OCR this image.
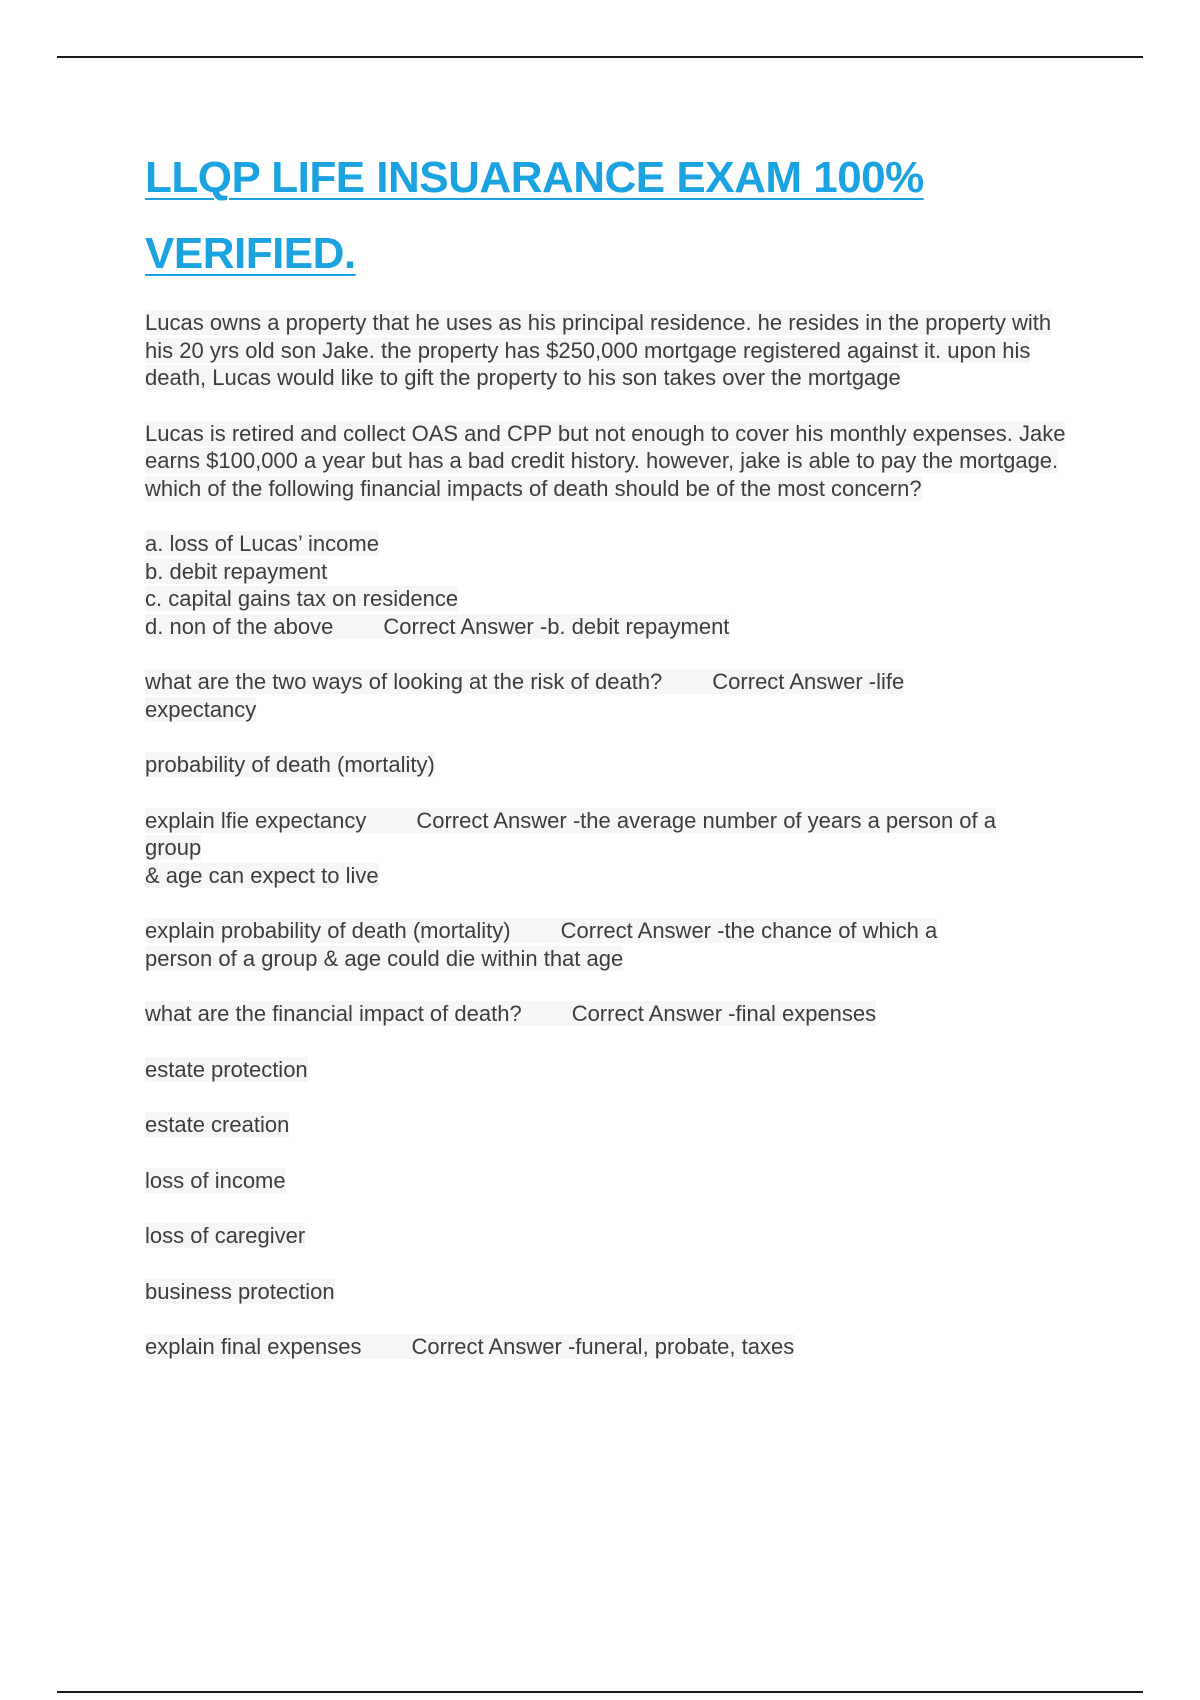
LLQP LIFE INSUARANCE EXAM 100%
VERIFIED.

Lucas owns a property that he uses as his principal residence. he resides in the property with his 20 yrs old son Jake. the property has $250,000 mortgage registered against it. upon his death, Lucas would like to gift the property to his son takes over the mortgage

Lucas is retired and collect OAS and CPP but not enough to cover his monthly expenses. Jake earns $100,000 a year but has a bad credit history. however, jake is able to pay the mortgage. which of the following financial impacts of death should be of the most concern?

a. loss of Lucas’ income
b. debit repayment
c. capital gains tax on residence
d. non of the above Correct Answer -b. debit repayment

what are the two ways of looking at the risk of death? Correct Answer -life
expectancy

probability of death (mortality)

explain lfie expectancy Correct Answer -the average number of years a person of a
group
& age can expect to live

explain probability of death (mortality) Correct Answer -the chance of which a
person of a group & age could die within that age

what are the financial impact of death? Correct Answer -final expenses

estate protection

estate creation

loss of income

loss of caregiver

business protection

explain final expenses Correct Answer -funeral, probate, taxes
